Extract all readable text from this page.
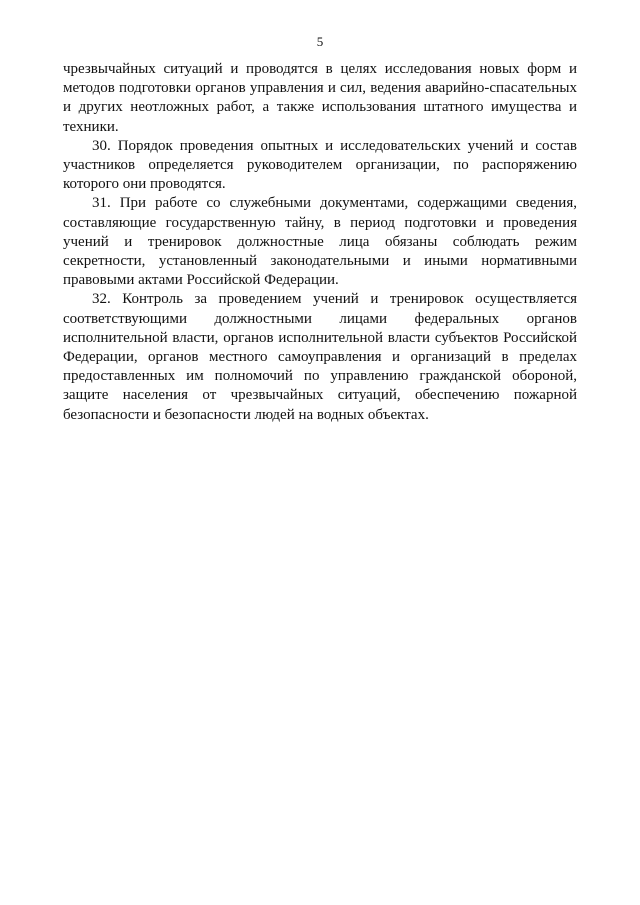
5

чрезвычайных ситуаций и проводятся в целях исследования новых форм и методов подготовки органов управления и сил, ведения аварийно-спасательных и других неотложных работ, а также использования штатного имущества и техники.

30. Порядок проведения опытных и исследовательских учений и состав участников определяется руководителем организации, по распоряжению которого они проводятся.

31. При работе со служебными документами, содержащими сведения, составляющие государственную тайну, в период подготовки и проведения учений и тренировок должностные лица обязаны соблюдать режим секретности, установленный законодательными и иными нормативными правовыми актами Российской Федерации.

32. Контроль за проведением учений и тренировок осуществляется соответствующими должностными лицами федеральных органов исполнительной власти, органов исполнительной власти субъектов Российской Федерации, органов местного самоуправления и организаций в пределах предоставленных им полномочий по управлению гражданской обороной, защите населения от чрезвычайных ситуаций, обеспечению пожарной безопасности и безопасности людей на водных объектах.
